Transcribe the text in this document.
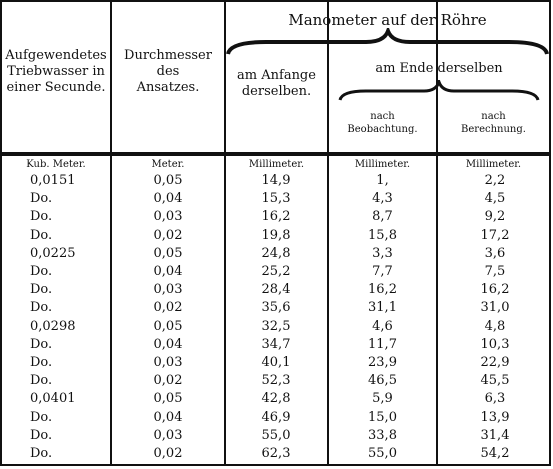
Aufgewendetes
Triebwasser in
einer Secunde.
Durchmesser
des
Ansatzes.
Manometer auf der Röhre
am Anfange
derselben.
am Ende derselben
nach
Beobachtung.
nach
Berechnung.
Kub. Meter.	Meter.	Millimeter.	Millimeter.	Millimeter.
0,0151	0,05	14,9	1,	2,2
Do.	0,04	15,3	4,3	4,5
Do.	0,03	16,2	8,7	9,2
Do.	0,02	19,8	15,8	17,2
0,0225	0,05	24,8	3,3	3,6
Do.	0,04	25,2	7,7	7,5
Do.	0,03	28,4	16,2	16,2
Do.	0,02	35,6	31,1	31,0
0,0298	0,05	32,5	4,6	4,8
Do.	0,04	34,7	11,7	10,3
Do.	0,03	40,1	23,9	22,9
Do.	0,02	52,3	46,5	45,5
0,0401	0,05	42,8	5,9	6,3
Do.	0,04	46,9	15,0	13,9
Do.	0,03	55,0	33,8	31,4
Do.	0,02	62,3	55,0	54,2
